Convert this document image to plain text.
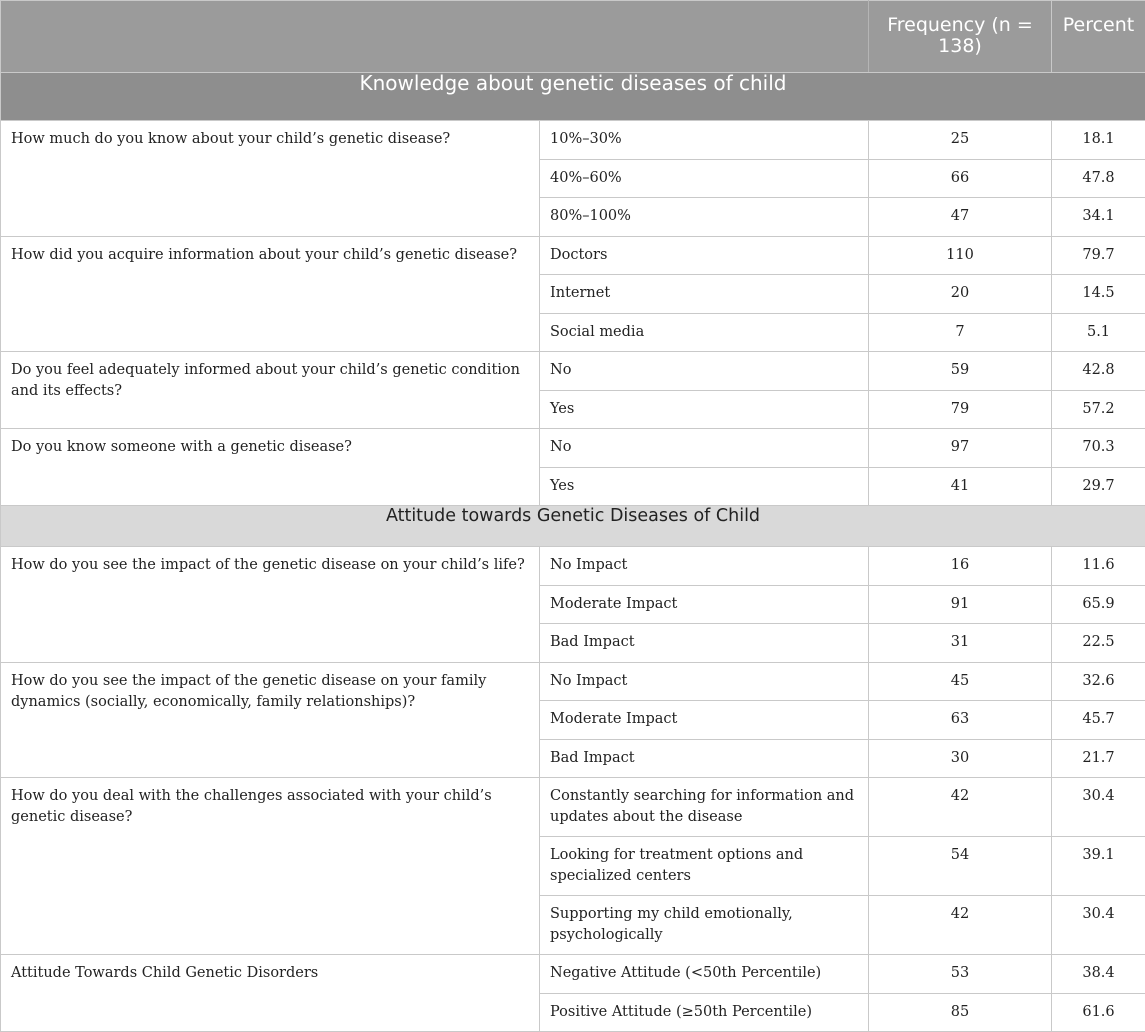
		Frequency (n = 138)	Percent
Knowledge about genetic diseases of child			
How much do you know about your child’s genetic disease?	10%–30%	25	18.1
	40%–60%	66	47.8
	80%–100%	47	34.1
How did you acquire information about your child’s genetic disease?	Doctors	110	79.7
	Internet	20	14.5
	Social media	7	5.1
Do you feel adequately informed about your child’s genetic condition and its effects?	No	59	42.8
	Yes	79	57.2
Do you know someone with a genetic disease?	No	97	70.3
	Yes	41	29.7
Attitude towards Genetic Diseases of Child			
How do you see the impact of the genetic disease on your child’s life?	No Impact	16	11.6
	Moderate Impact	91	65.9
	Bad Impact	31	22.5
How do you see the impact of the genetic disease on your family dynamics (socially, economically, family relationships)?	No Impact	45	32.6
	Moderate Impact	63	45.7
	Bad Impact	30	21.7
How do you deal with the challenges associated with your child’s genetic disease?	Constantly searching for information and updates about the disease	42	30.4
	Looking for treatment options and specialized centers	54	39.1
	Supporting my child emotionally, psychologically	42	30.4
Attitude Towards Child Genetic Disorders	Negative Attitude (<50th Percentile)	53	38.4
	Positive Attitude (≥50th Percentile)	85	61.6
